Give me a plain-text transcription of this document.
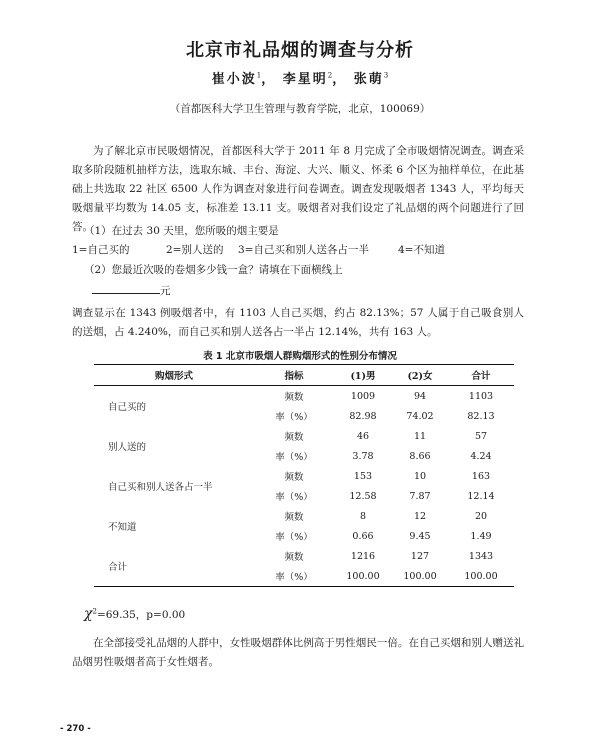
北京市礼品烟的调查与分析
崔小波$^1$， 李星明$^2$， 张萌$^3$
（首都医科大学卫生管理与教育学院，北京，100069）
为了解北京市民吸烟情况，首都医科大学于 2011 年 8 月完成了全市吸烟情况调查。调查采取多阶段随机抽样方法，选取东城、丰台、海淀、大兴、顺义、怀柔 6 个区为抽样单位，在此基础上共选取 22 社区 6500 人作为调查对象进行问卷调查。调查发现吸烟者 1343 人，平均每天吸烟量平均数为 14.05 支，标准差 13.11 支。吸烟者对我们设定了礼品烟的两个问题进行了回答。
（1）在过去 30 天里，您所吸的烟主要是
1=自己买的	2=别人送的 3=自己买和别人送各占一半	4=不知道
（2）您最近次吸的卷烟多少钱一盒？请填在下面横线上
元
调查显示在 1343 例吸烟者中，有 1103 人自己买烟，约占 82.13%；57 人属于自己吸食别人的送烟，占 4.240%，而自己买和别人送各占一半占 12.14%，共有 163 人。
表 1 北京市吸烟人群购烟形式的性别分布情况
购烟形式	指标	(1)男	(2)女	合计
自己买的	频数	1009	94	1103
	率（%）	82.98	74.02	82.13
别人送的	频数	46	11	57
	率（%）	3.78	8.66	4.24
自己买和别人送各占一半	频数	153	10	163
	率（%）	12.58	7.87	12.14
不知道	频数	8	12	20
	率（%）	0.66	9.45	1.49
合计	频数	1216	127	1343
	率（%）	100.00	100.00	100.00
$\chi^2=69.35$，p=0.00
在全部接受礼品烟的人群中，女性吸烟群体比例高于男性烟民一倍。在自己买烟和别人赠送礼品烟男性吸烟者高于女性烟者。
- 270 -
